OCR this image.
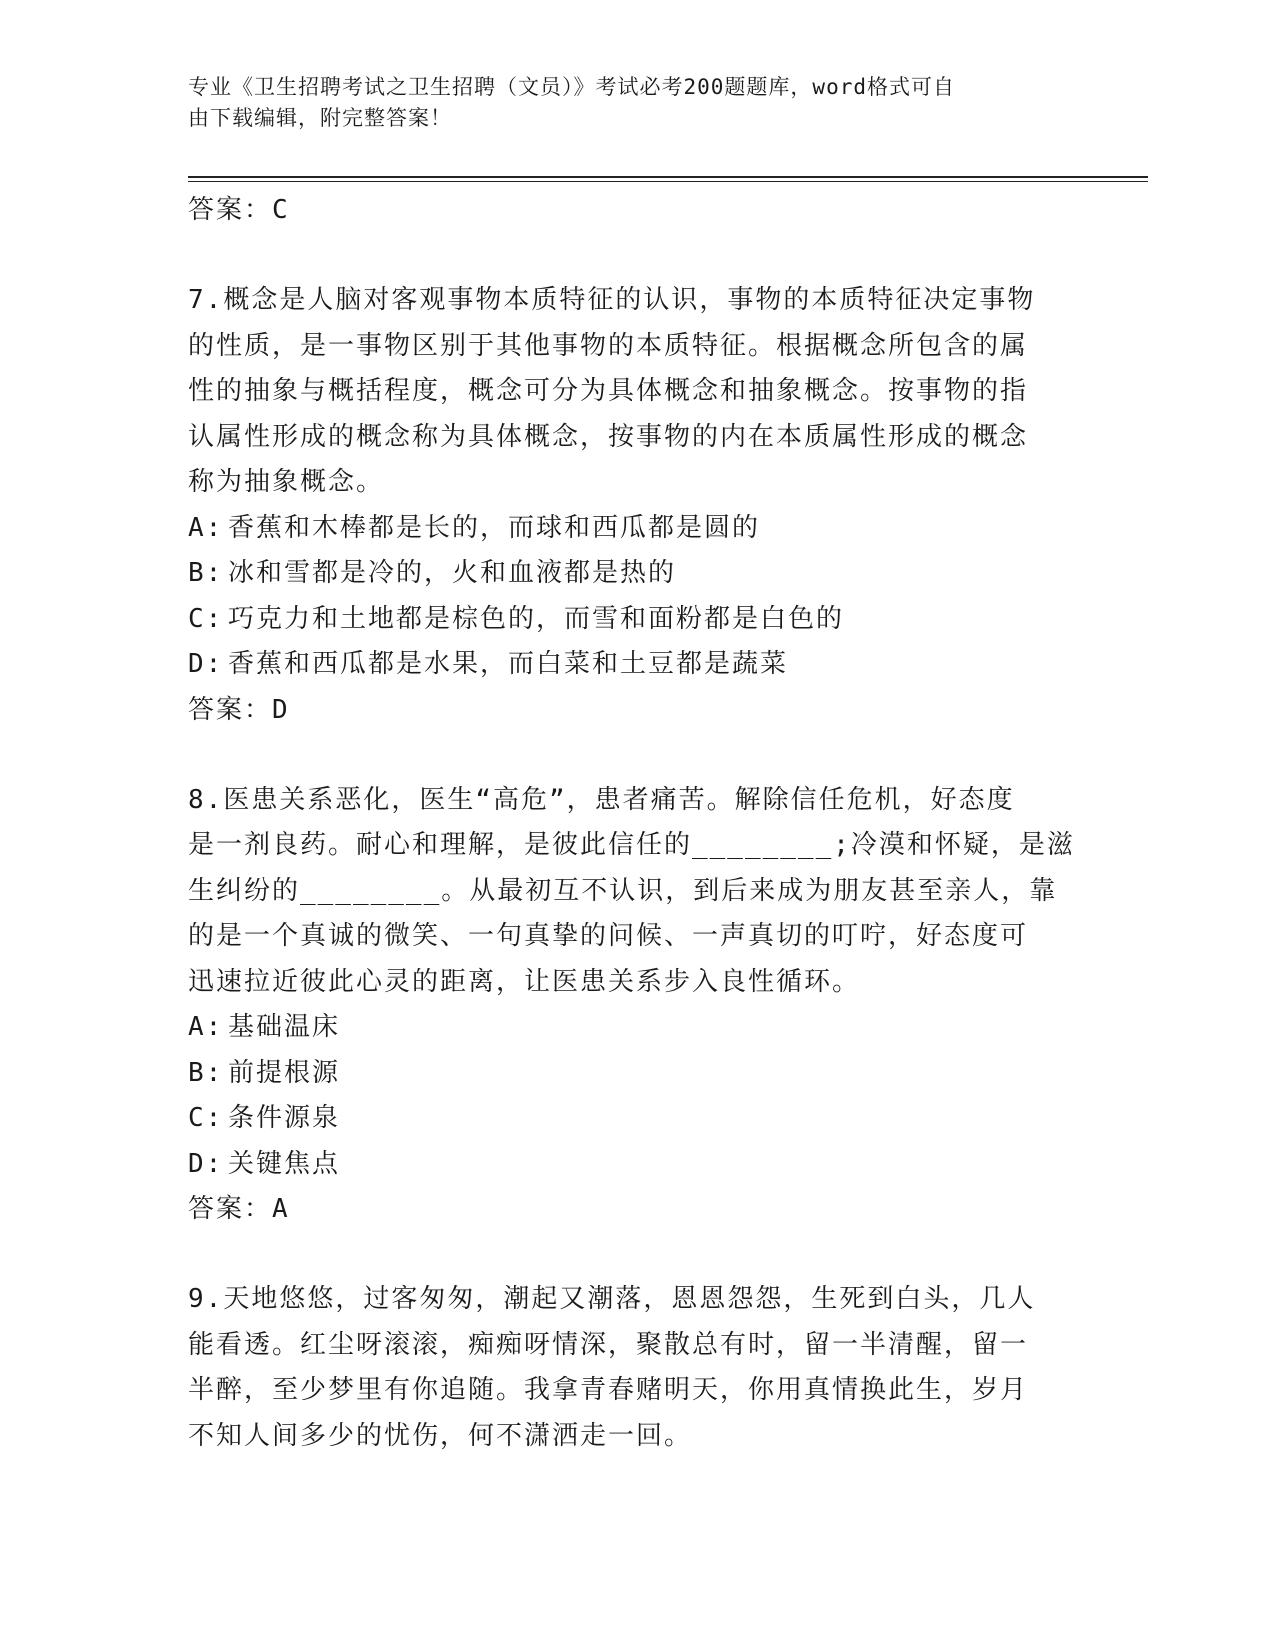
专业《卫生招聘考试之卫生招聘（文员）》考试必考200题题库，word格式可自
由下载编辑，附完整答案！
答案：C
7.概念是人脑对客观事物本质特征的认识，事物的本质特征决定事物
的性质，是一事物区别于其他事物的本质特征。根据概念所包含的属
性的抽象与概括程度，概念可分为具体概念和抽象概念。按事物的指
认属性形成的概念称为具体概念，按事物的内在本质属性形成的概念
称为抽象概念。
A: 香蕉和木棒都是长的，而球和西瓜都是圆的
B: 冰和雪都是冷的，火和血液都是热的
C: 巧克力和土地都是棕色的，而雪和面粉都是白色的
D: 香蕉和西瓜都是水果，而白菜和土豆都是蔬菜
答案：D
8.医患关系恶化，医生“高危”，患者痛苦。解除信任危机，好态度
是一剂良药。耐心和理解，是彼此信任的________;冷漠和怀疑，是滋
生纠纷的________。从最初互不认识，到后来成为朋友甚至亲人，靠
的是一个真诚的微笑、一句真挚的问候、一声真切的叮咛，好态度可
迅速拉近彼此心灵的距离，让医患关系步入良性循环。
A: 基础温床
B: 前提根源
C: 条件源泉
D: 关键焦点
答案：A
9.天地悠悠，过客匆匆，潮起又潮落，恩恩怨怨，生死到白头，几人
能看透。红尘呀滚滚，痴痴呀情深，聚散总有时，留一半清醒，留一
半醉，至少梦里有你追随。我拿青春赌明天，你用真情换此生，岁月
不知人间多少的忧伤，何不潇洒走一回。
